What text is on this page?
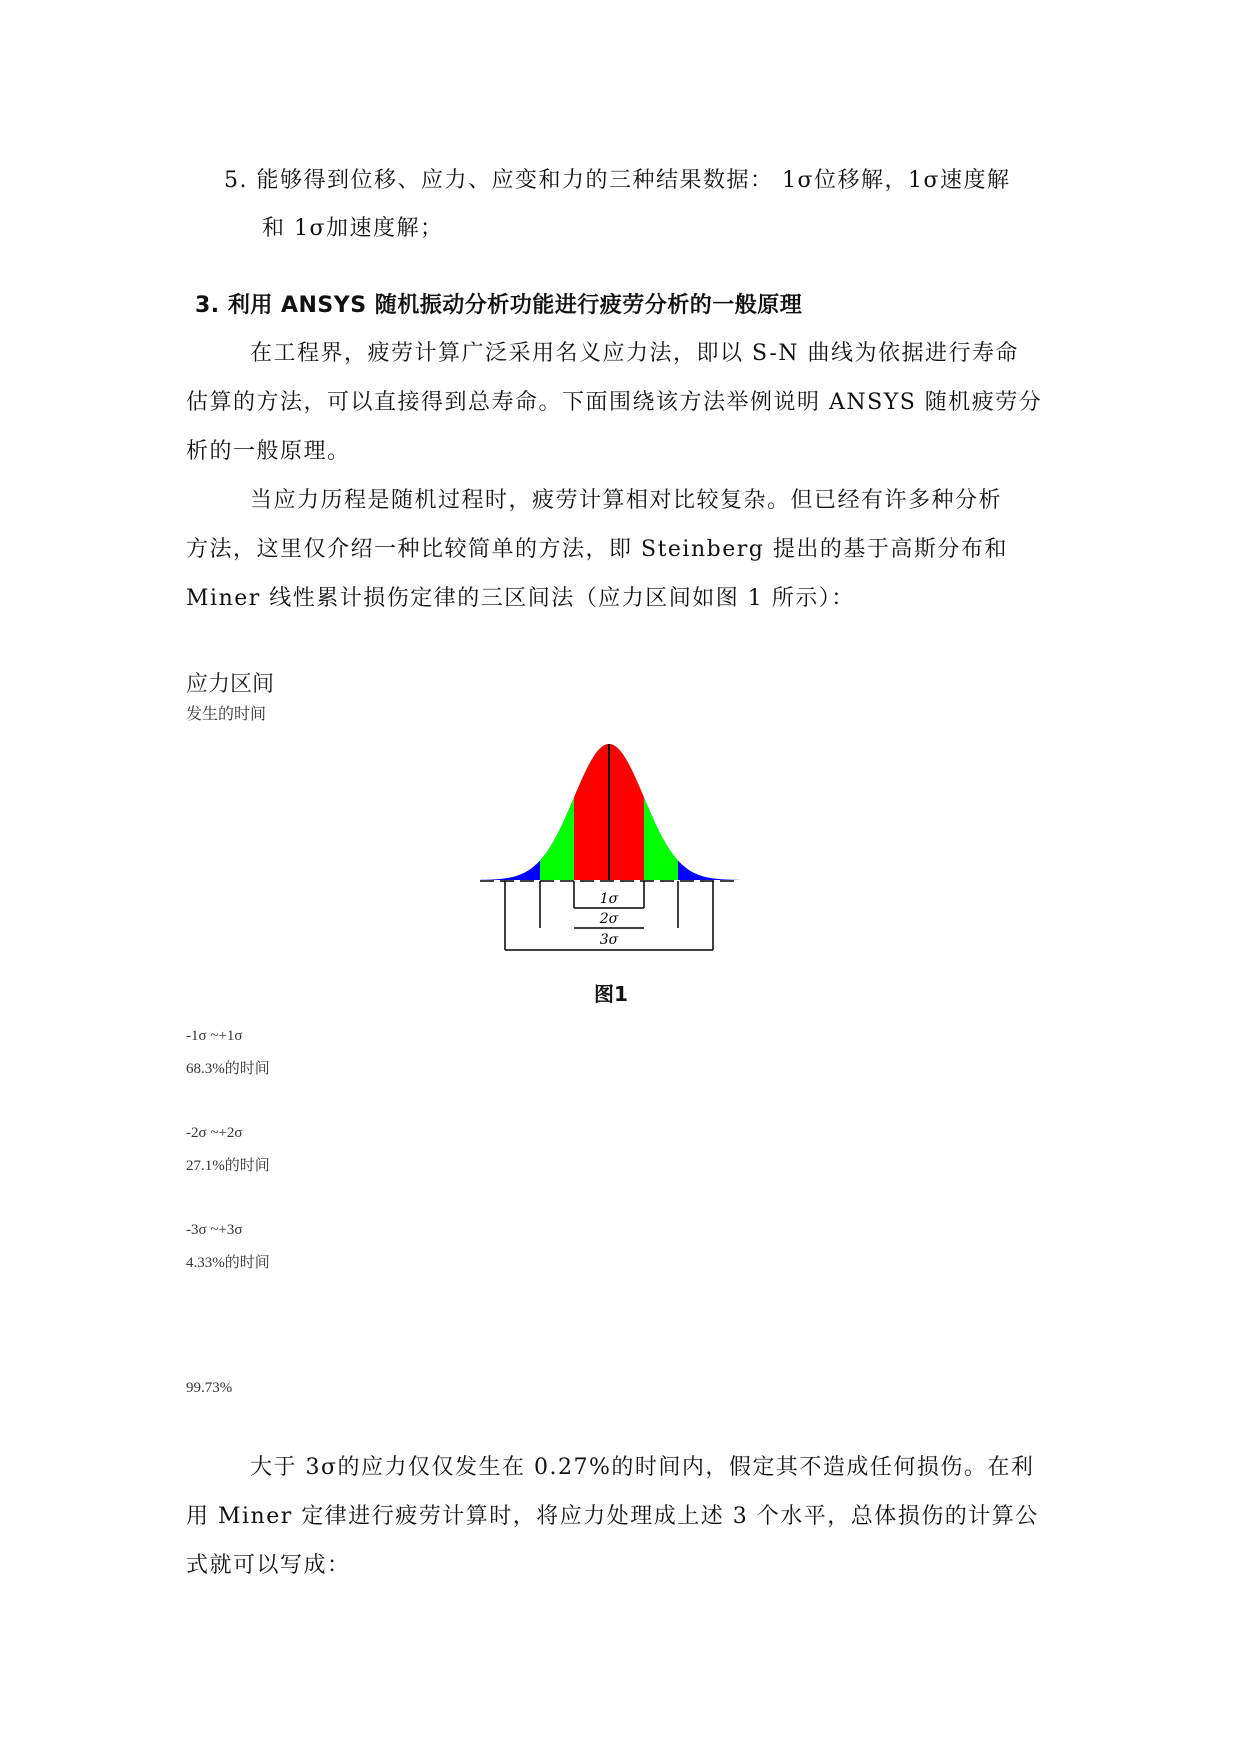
5. 能够得到位移、应力、应变和力的三种结果数据： 1σ位移解，1σ速度解
和 1σ加速度解；
3. 利用 ANSYS 随机振动分析功能进行疲劳分析的一般原理
在工程界，疲劳计算广泛采用名义应力法，即以 S-N 曲线为依据进行寿命
估算的方法，可以直接得到总寿命。下面围绕该方法举例说明 ANSYS 随机疲劳分
析的一般原理。
当应力历程是随机过程时，疲劳计算相对比较复杂。但已经有许多种分析
方法，这里仅介绍一种比较简单的方法，即 Steinberg 提出的基于高斯分布和
Miner 线性累计损伤定律的三区间法（应力区间如图 1 所示）：
应力区间
发生的时间
1σ
2σ
3σ
图1
-1σ ~+1σ
68.3%的时间
-2σ ~+2σ
27.1%的时间
-3σ ~+3σ
4.33%的时间
99.73%
大于 3σ的应力仅仅发生在 0.27%的时间内，假定其不造成任何损伤。在利
用 Miner 定律进行疲劳计算时，将应力处理成上述 3 个水平，总体损伤的计算公
式就可以写成：
